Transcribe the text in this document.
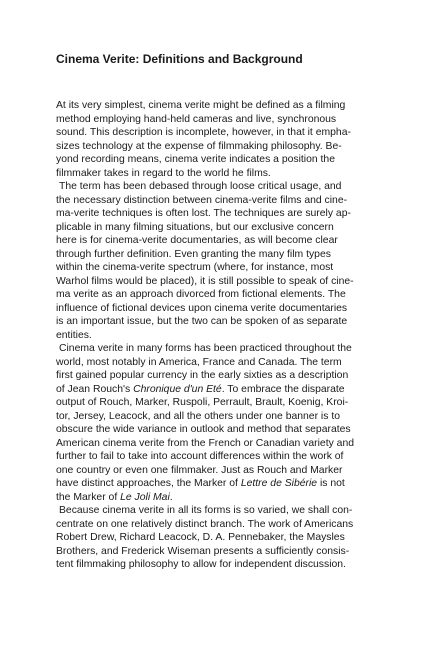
Cinema Verite: Definitions and Background
At its very simplest, cinema verite might be defined as a filming
method employing hand-held cameras and live, synchronous
sound. This description is incomplete, however, in that it empha-
sizes technology at the expense of filmmaking philosophy. Be-
yond recording means, cinema verite indicates a position the
filmmaker takes in regard to the world he films.
The term has been debased through loose critical usage, and
the necessary distinction between cinema-verite films and cine-
ma-verite techniques is often lost. The techniques are surely ap-
plicable in many filming situations, but our exclusive concern
here is for cinema-verite documentaries, as will become clear
through further definition. Even granting the many film types
within the cinema-verite spectrum (where, for instance, most
Warhol films would be placed), it is still possible to speak of cine-
ma verite as an approach divorced from fictional elements. The
influence of fictional devices upon cinema verite documentaries
is an important issue, but the two can be spoken of as separate
entities.
Cinema verite in many forms has been practiced throughout the
world, most notably in America, France and Canada. The term
first gained popular currency in the early sixties as a description
of Jean Rouch's Chronique d'un Eté. To embrace the disparate
output of Rouch, Marker, Ruspoli, Perrault, Brault, Koenig, Kroi-
tor, Jersey, Leacock, and all the others under one banner is to
obscure the wide variance in outlook and method that separates
American cinema verite from the French or Canadian variety and
further to fail to take into account differences within the work of
one country or even one filmmaker. Just as Rouch and Marker
have distinct approaches, the Marker of Lettre de Sibérie is not
the Marker of Le Joli Mai.
Because cinema verite in all its forms is so varied, we shall con-
centrate on one relatively distinct branch. The work of Americans
Robert Drew, Richard Leacock, D. A. Pennebaker, the Maysles
Brothers, and Frederick Wiseman presents a sufficiently consis-
tent filmmaking philosophy to allow for independent discussion.
